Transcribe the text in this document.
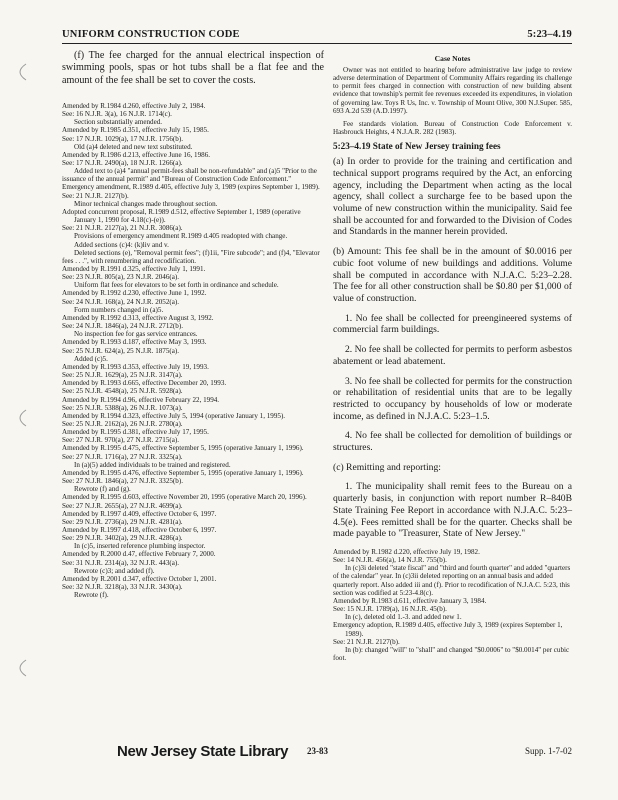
UNIFORM CONSTRUCTION CODE	5:23–4.19

(f) The fee charged for the annual electrical inspection of swimming pools, spas or hot tubs shall be a flat fee and the amount of the fee shall be set to cover the costs.

Amended by R.1984 d.260, effective July 2, 1984.

See: 16 N.J.R. 3(a), 16 N.J.R. 1714(c).

Section substantially amended.

Amended by R.1985 d.351, effective July 15, 1985.

See: 17 N.J.R. 1029(a), 17 N.J.R. 1756(b).

Old (a)4 deleted and new text substituted.

Amended by R.1986 d.213, effective June 16, 1986.

See: 17 N.J.R. 2490(a), 18 N.J.R. 1266(a).

Added text to (a)4 "annual permit-fees shall be non-refundable" and (a)5 "Prior to the issuance of the annual permit" and "Bureau of Construction Code Enforcement."

Emergency amendment, R.1989 d.405, effective July 3, 1989 (expires September 1, 1989).

See: 21 N.J.R. 2127(b).

Minor technical changes made throughout section.

Adopted concurrent proposal, R.1989 d.512, effective September 1, 1989 (operative January 1, 1990 for 4.18(c)-(e)).

See: 21 N.J.R. 2127(a), 21 N.J.R. 3086(a).

Provisions of emergency amendment R.1989 d.405 readopted with change.

Added sections (c)4: (k)liv and v.

Deleted sections (e), "Removal permit fees"; (f)1ii, "Fire subcode"; and (f)4, "Elevator fees . . .", with renumbering and recodification.

Amended by R.1991 d.325, effective July 1, 1991.

See: 23 N.J.R. 805(a), 23 N.J.R. 2046(a).

Uniform flat fees for elevators to be set forth in ordinance and schedule.

Amended by R.1992 d.230, effective June 1, 1992.

See: 24 N.J.R. 168(a), 24 N.J.R. 2052(a).

Form numbers changed in (a)5.

Amended by R.1992 d.313, effective August 3, 1992.

See: 24 N.J.R. 1846(a), 24 N.J.R. 2712(b).

No inspection fee for gas service entrances.

Amended by R.1993 d.187, effective May 3, 1993.

See: 25 N.J.R. 624(a), 25 N.J.R. 1875(a).

Added (c)5.

Amended by R.1993 d.353, effective July 19, 1993.

See: 25 N.J.R. 1629(a), 25 N.J.R. 3147(a).

Amended by R.1993 d.665, effective December 20, 1993.

See: 25 N.J.R. 4548(a), 25 N.J.R. 5928(a).

Amended by R.1994 d.96, effective February 22, 1994.

See: 25 N.J.R. 5388(a), 26 N.J.R. 1073(a).

Amended by R.1994 d.323, effective July 5, 1994 (operative January 1, 1995).

See: 25 N.J.R. 2162(a), 26 N.J.R. 2780(a).

Amended by R.1995 d.381, effective July 17, 1995.

See: 27 N.J.R. 970(a), 27 N.J.R. 2715(a).

Amended by R.1995 d.475, effective September 5, 1995 (operative January 1, 1996).

See: 27 N.J.R. 1716(a), 27 N.J.R. 3325(a).

In (a)(5) added individuals to be trained and registered.

Amended by R.1995 d.476, effective September 5, 1995 (operative January 1, 1996).

See: 27 N.J.R. 1846(a), 27 N.J.R. 3325(b).

Rewrote (f) and (g).

Amended by R.1995 d.603, effective November 20, 1995 (operative March 20, 1996).

See: 27 N.J.R. 2655(a), 27 N.J.R. 4699(a).

Amended by R.1997 d.409, effective October 6, 1997.

See: 29 N.J.R. 2736(a), 29 N.J.R. 4281(a).

Amended by R.1997 d.418, effective October 6, 1997.

See: 29 N.J.R. 3402(a), 29 N.J.R. 4286(a).

In (c)5, inserted reference plumbing inspector.

Amended by R.2000 d.47, effective February 7, 2000.

See: 31 N.J.R. 2314(a), 32 N.J.R. 443(a).

Rewrote (c)3; and added (f).

Amended by R.2001 d.347, effective October 1, 2001.

See: 32 N.J.R. 3218(a), 33 N.J.R. 3430(a).

Rewrote (f).

Case Notes

Owner was not entitled to hearing before administrative law judge to review adverse determination of Department of Community Affairs regarding its challenge to permit fees charged in connection with construction of new building absent evidence that township's permit fee revenues exceeded its expenditures, in violation of governing law. Toys R Us, Inc. v. Township of Mount Olive, 300 N.J.Super. 585, 693 A.2d 539 (A.D.1997).

Fee standards violation. Bureau of Construction Code Enforcement v. Hasbrouck Heights, 4 N.J.A.R. 282 (1983).

5:23–4.19 State of New Jersey training fees

(a) In order to provide for the training and certification and technical support programs required by the Act, an enforcing agency, including the Department when acting as the local agency, shall collect a surcharge fee to be based upon the volume of new construction within the municipality. Said fee shall be accounted for and forwarded to the Division of Codes and Standards in the manner herein provided.

(b) Amount: This fee shall be in the amount of $0.0016 per cubic foot volume of new buildings and additions. Volume shall be computed in accordance with N.J.A.C. 5:23–2.28. The fee for all other construction shall be $0.80 per $1,000 of value of construction.

1. No fee shall be collected for preengineered systems of commercial farm buildings.

2. No fee shall be collected for permits to perform asbestos abatement or lead abatement.

3. No fee shall be collected for permits for the construction or rehabilitation of residential units that are to be legally restricted to occupancy by households of low or moderate income, as defined in N.J.A.C. 5:23–1.5.

4. No fee shall be collected for demolition of buildings or structures.

(c) Remitting and reporting:

1. The municipality shall remit fees to the Bureau on a quarterly basis, in conjunction with report number R–840B State Training Fee Report in accordance with N.J.A.C. 5:23–4.5(e). Fees remitted shall be for the quarter. Checks shall be made payable to "Treasurer, State of New Jersey."

Amended by R.1982 d.220, effective July 19, 1982.

See: 14 N.J.R. 456(a), 14 N.J.R. 755(b).

In (c)3i deleted "state fiscal" and "third and fourth quarter" and added "quarters of the calendar" year. In (c)3ii deleted reporting on an annual basis and added quarterly report. Also added iii and (f). Prior to recodification of N.J.A.C. 5:23, this section was codified at 5:23-4.8(c).

Amended by R.1983 d.611, effective January 3, 1984.

See: 15 N.J.R. 1789(a), 16 N.J.R. 45(b).

In (c), deleted old 1.-3. and added new 1.

Emergency adoption, R.1989 d.405, effective July 3, 1989 (expires September 1, 1989).

See: 21 N.J.R. 2127(b).

In (b): changed "will" to "shall" and changed "$0.0006" to "$0.0014" per cubic foot.

New Jersey State Library 23-83	Supp. 1-7-02
